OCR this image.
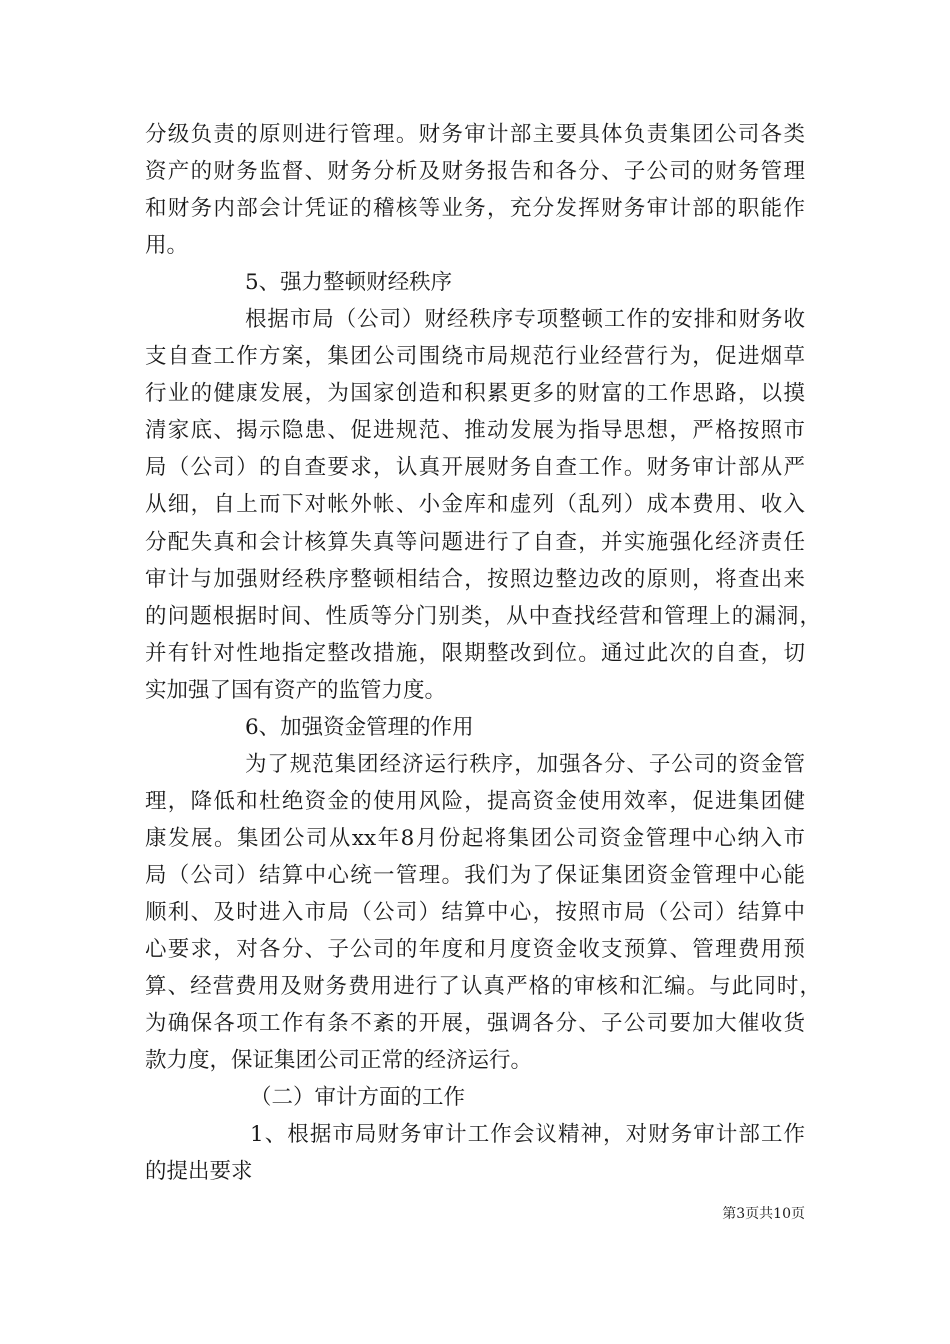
分级负责的原则进行管理。财务审计部主要具体负责集团公司各类
资产的财务监督、财务分析及财务报告和各分、子公司的财务管理
和财务内部会计凭证的稽核等业务，充分发挥财务审计部的职能作
用。
5、强力整顿财经秩序
根据市局（公司）财经秩序专项整顿工作的安排和财务收
支自查工作方案，集团公司围绕市局规范行业经营行为，促进烟草
行业的健康发展，为国家创造和积累更多的财富的工作思路，以摸
清家底、揭示隐患、促进规范、推动发展为指导思想，严格按照市
局（公司）的自查要求，认真开展财务自查工作。财务审计部从严
从细，自上而下对帐外帐、小金库和虚列（乱列）成本费用、收入
分配失真和会计核算失真等问题进行了自查，并实施强化经济责任
审计与加强财经秩序整顿相结合，按照边整边改的原则，将查出来
的问题根据时间、性质等分门别类，从中查找经营和管理上的漏洞，
并有针对性地指定整改措施，限期整改到位。通过此次的自查，切
实加强了国有资产的监管力度。
6、加强资金管理的作用
为了规范集团经济运行秩序，加强各分、子公司的资金管
理，降低和杜绝资金的使用风险，提高资金使用效率，促进集团健
康发展。集团公司从xx年8月份起将集团公司资金管理中心纳入市
局（公司）结算中心统一管理。我们为了保证集团资金管理中心能
顺利、及时进入市局（公司）结算中心，按照市局（公司）结算中
心要求，对各分、子公司的年度和月度资金收支预算、管理费用预
算、经营费用及财务费用进行了认真严格的审核和汇编。与此同时，
为确保各项工作有条不紊的开展，强调各分、子公司要加大催收货
款力度，保证集团公司正常的经济运行。
（二）审计方面的工作
1、根据市局财务审计工作会议精神，对财务审计部工作
的提出要求
第3页共10页
